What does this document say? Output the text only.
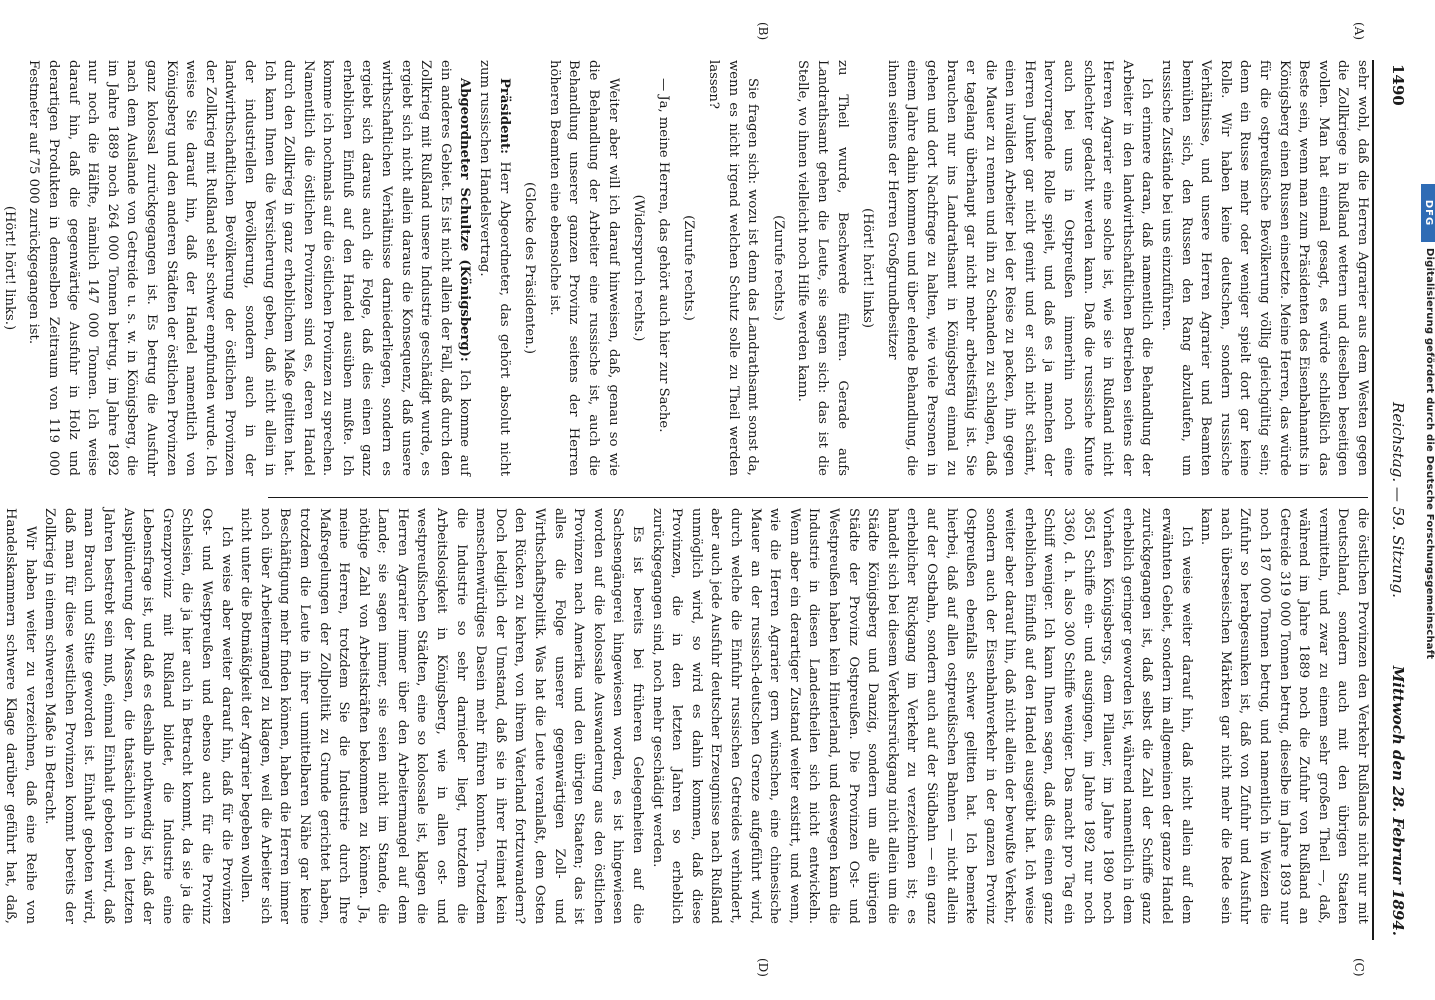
DFG
Digitalisierung gefördert durch die Deutsche Forschungsgemeinschaft
1490
Reichstag. — 59. Sitzung.
Mittwoch den 28. Februar 1894.
(A)
(B)
(C)
(D)

sehr wohl, daß die Herren Agrarier aus dem Westen gegen die Zollkriege in Rußland wettern und dieselben beseitigen wollen. Man hat einmal gesagt, es würde schließlich das Beste sein, wenn man zum Präsidenten des Eisenbahnamts in Königsberg einen Russen einsetzte. Meine Herren, das würde für die ostpreußische Bevölkerung völlig gleichgültig sein; denn ein Russe mehr oder weniger spielt dort gar keine Rolle. Wir haben keine deutschen, sondern russische Verhältnisse, und unsere Herren Agrarier und Beamten bemühen sich, den Russen den Rang abzulaufen, um russische Zustände bei uns einzuführen.

Ich erinnere daran, daß namentlich die Behandlung der Arbeiter in den landwirthschaftlichen Betrieben seitens der Herren Agrarier eine solche ist, wie sie in Rußland nicht schlechter gedacht werden kann. Daß die russische Knute auch bei uns in Ostpreußen immerhin noch eine hervorragende Rolle spielt, und daß es ja manchen der Herren Junker gar nicht genirt und er sich nicht schämt, einen invaliden Arbeiter bei der Reise zu packen, ihn gegen die Mauer zu rennen und ihn zu Schanden zu schlagen, daß er tagelang überhaupt gar nicht mehr arbeitsfähig ist. Sie brauchen nur ins Landrathsamt in Königsberg einmal zu gehen und dort Nachfrage zu halten, wie viele Personen in einem Jahre dahin kommen und über elende Behandlung, die ihnen seitens der Herren Großgrundbesitzer

(Hört! hört! links)

zu Theil wurde, Beschwerde führen. Gerade aufs Landrathsamt gehen die Leute, sie sagen sich: das ist die Stelle, wo ihnen vielleicht noch Hilfe werden kann.

(Zurufe rechts.)

Sie fragen sich: wozu ist denn das Landrathsamt sonst da, wenn es nicht irgend welchen Schutz solle zu Theil werden lassen?

(Zurufe rechts.)

— Ja, meine Herren, das gehört auch hier zur Sache.

(Widerspruch rechts.)

Weiter aber will ich darauf hinweisen, daß, genau so wie die Behandlung der Arbeiter eine russische ist, auch die Behandlung unserer ganzen Provinz seitens der Herren höheren Beamten eine ebensolche ist.

(Glocke des Präsidenten.)

Präsident: Herr Abgeordneter, das gehört absolut nicht zum russischen Handelsvertrag.

Abgeordneter Schultze (Königsberg): Ich komme auf ein anderes Gebiet. Es ist nicht allein der Fall, daß durch den Zollkrieg mit Rußland unsere Industrie geschädigt wurde, es ergiebt sich nicht allein daraus die Konsequenz, daß unsere wirthschaftlichen Verhältnisse darniederliegen, sondern es ergiebt sich daraus auch die Folge, daß dies einen ganz erheblichen Einfluß auf den Handel ausüben mußte. Ich komme ich nochmals auf die östlichen Provinzen zu sprechen. Namentlich die östlichen Provinzen sind es, deren Handel durch den Zollkrieg in ganz erheblichem Maße gelitten hat. Ich kann Ihnen die Versicherung geben, daß nicht allein in der industriellen Bevölkerung, sondern auch in der landwirthschaftlichen Bevölkerung der östlichen Provinzen der Zollkrieg mit Rußland sehr schwer empfunden wurde. Ich weise Sie darauf hin, daß der Handel namentlich von Königsberg und den anderen Städten der östlichen Provinzen ganz kolossal zurückgegangen ist. Es betrug die Ausfuhr nach dem Auslande von Getreide u. s. w. in Königsberg, die im Jahre 1889 noch 264 000 Tonnen betrug, im Jahre 1892 nur noch die Hälfte, nämlich 147 000 Tonnen. Ich weise darauf hin, daß die gegenwärtige Ausfuhr in Holz und derartigen Produkten in demselben Zeitraum von 119 000 Festmeter auf 75 000 zurückgegangen ist.

(Hört! hört! links.)

die östlichen Provinzen den Verkehr Rußlands nicht nur mit Deutschland, sondern auch mit den übrigen Staaten vermitteln, und zwar zu einem sehr großen Theil —, daß, während im Jahre 1889 noch die Zufuhr von Rußland an Getreide 319 000 Tonnen betrug, dieselbe im Jahre 1893 nur noch 187 000 Tonnen betrug, und namentlich in Weizen die Zufuhr so herabgesunken ist, daß von Zufuhr und Ausfuhr nach überseeischen Märkten gar nicht mehr die Rede sein kann.

Ich weise weiter darauf hin, daß nicht allein auf dem erwähnten Gebiet, sondern im allgemeinen der ganze Handel zurückgegangen ist, daß selbst die Zahl der Schiffe ganz erheblich geringer geworden ist, während namentlich in dem Vorhafen Königsbergs, dem Pillauer, im Jahre 1890 noch 3651 Schiffe ein- und ausgingen, im Jahre 1892 nur noch 3360, d. h. also 300 Schiffe weniger. Das macht pro Tag ein Schiff weniger. Ich kann Ihnen sagen, daß dies einen ganz erheblichen Einfluß auf den Handel ausgeübt hat. Ich weise weiter aber darauf hin, daß nicht allein der bewußte Verkehr, sondern auch der Eisenbahnverkehr in der ganzen Provinz Ostpreußen ebenfalls schwer gelitten hat. Ich bemerke hierbei, daß auf allen ostpreußischen Bahnen — nicht allein auf der Ostbahn, sondern auch auf der Südbahn — ein ganz erheblicher Rückgang im Verkehr zu verzeichnen ist; es handelt sich bei diesem Verkehrsrückgang nicht allein um die Städte Königsberg und Danzig, sondern um alle übrigen Städte der Provinz Ostpreußen. Die Provinzen Ost- und Westpreußen haben kein Hinterland, und deswegen kann die Industrie in diesen Landestheilen sich nicht entwickeln. Wenn aber ein derartiger Zustand weiter existirt, und wenn, wie die Herren Agrarier gern wünschen, eine chinesische Mauer an der russisch-deutschen Grenze aufgeführt wird, durch welche die Einfuhr russischen Getreides verhindert, aber auch jede Ausfuhr deutscher Erzeugnisse nach Rußland unmöglich wird, so wird es dahin kommen, daß diese Provinzen, die in den letzten Jahren so erheblich zurückgegangen sind, noch mehr geschädigt werden.

Es ist bereits bei früheren Gelegenheiten auf die Sachsengängerei hingewiesen worden, es ist hingewiesen worden auf die kolossale Auswanderung aus den östlichen Provinzen nach Amerika und den übrigen Staaten; das ist alles die Folge unserer gegenwärtigen Zoll- und Wirthschaftspolitik. Was hat die Leute veranlaßt, dem Osten den Rücken zu kehren, von ihrem Vaterland fortzuwandern? Doch lediglich der Umstand, daß sie in ihrer Heimat kein menschenwürdiges Dasein mehr führen konnten. Trotzdem die Industrie so sehr darnieder liegt, trotzdem die Arbeitslosigkeit in Königsberg, wie in allen ost- und westpreußischen Städten, eine so kolossale ist, klagen die Herren Agrarier immer über den Arbeitermangel auf dem Lande; sie sagen immer, sie seien nicht im Stande, die nöthige Zahl von Arbeitskräften bekommen zu können. Ja, meine Herren, trotzdem Sie die Industrie durch Ihre Maßregelungen der Zollpolitik zu Grunde gerichtet haben, trotzdem die Leute in ihrer unmittelbaren Nähe gar keine Beschäftigung mehr finden können, haben die Herren immer noch über Arbeitermangel zu klagen, weil die Arbeiter sich nicht unter die Botmäßigkeit der Agrarier begeben wollen.

Ich weise aber weiter darauf hin, daß für die Provinzen Ost- und Westpreußen und ebenso auch für die Provinz Schlesien, die ja hier auch in Betracht kommt, da sie ja die Grenzprovinz mit Rußland bildet, die Industrie eine Lebensfrage ist, und daß es deshalb nothwendig ist, daß der Ausplünderung der Massen, die thatsächlich in den letzten Jahren bestrebt sein muß, einmal Einhalt geboten wird, daß man Brauch und Sitte geworden ist. Einhalt geboten wird, daß man für diese westlichen Provinzen kommt bereits der Zollkrieg in einem schweren Maße in Betracht.

Wir haben weiter zu verzeichnen, daß eine Reihe von Handelskammern schwere Klage darüber geführt hat, daß,
